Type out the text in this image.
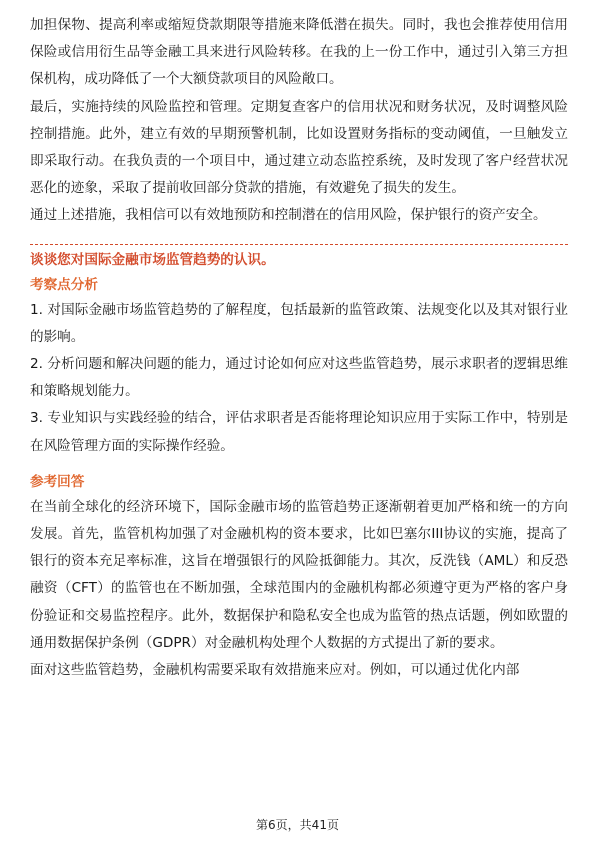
加担保物、提高利率或缩短贷款期限等措施来降低潜在损失。同时，我也会推荐使用信用保险或信用衍生品等金融工具来进行风险转移。在我的上一份工作中，通过引入第三方担保机构，成功降低了一个大额贷款项目的风险敞口。

最后，实施持续的风险监控和管理。定期复查客户的信用状况和财务状况，及时调整风险控制措施。此外，建立有效的早期预警机制，比如设置财务指标的变动阈值，一旦触发立即采取行动。在我负责的一个项目中，通过建立动态监控系统，及时发现了客户经营状况恶化的迹象，采取了提前收回部分贷款的措施，有效避免了损失的发生。

通过上述措施，我相信可以有效地预防和控制潜在的信用风险，保护银行的资产安全。

谈谈您对国际金融市场监管趋势的认识。

考察点分析

1. 对国际金融市场监管趋势的了解程度，包括最新的监管政策、法规变化以及其对银行业的影响。

2. 分析问题和解决问题的能力，通过讨论如何应对这些监管趋势，展示求职者的逻辑思维和策略规划能力。

3. 专业知识与实践经验的结合，评估求职者是否能将理论知识应用于实际工作中，特别是在风险管理方面的实际操作经验。

参考回答

在当前全球化的经济环境下，国际金融市场的监管趋势正逐渐朝着更加严格和统一的方向发展。首先，监管机构加强了对金融机构的资本要求，比如巴塞尔III协议的实施，提高了银行的资本充足率标准，这旨在增强银行的风险抵御能力。其次，反洗钱（AML）和反恐融资（CFT）的监管也在不断加强，全球范围内的金融机构都必须遵守更为严格的客户身份验证和交易监控程序。此外，数据保护和隐私安全也成为监管的热点话题，例如欧盟的通用数据保护条例（GDPR）对金融机构处理个人数据的方式提出了新的要求。

面对这些监管趋势，金融机构需要采取有效措施来应对。例如，可以通过优化内部

第6页，共41页
